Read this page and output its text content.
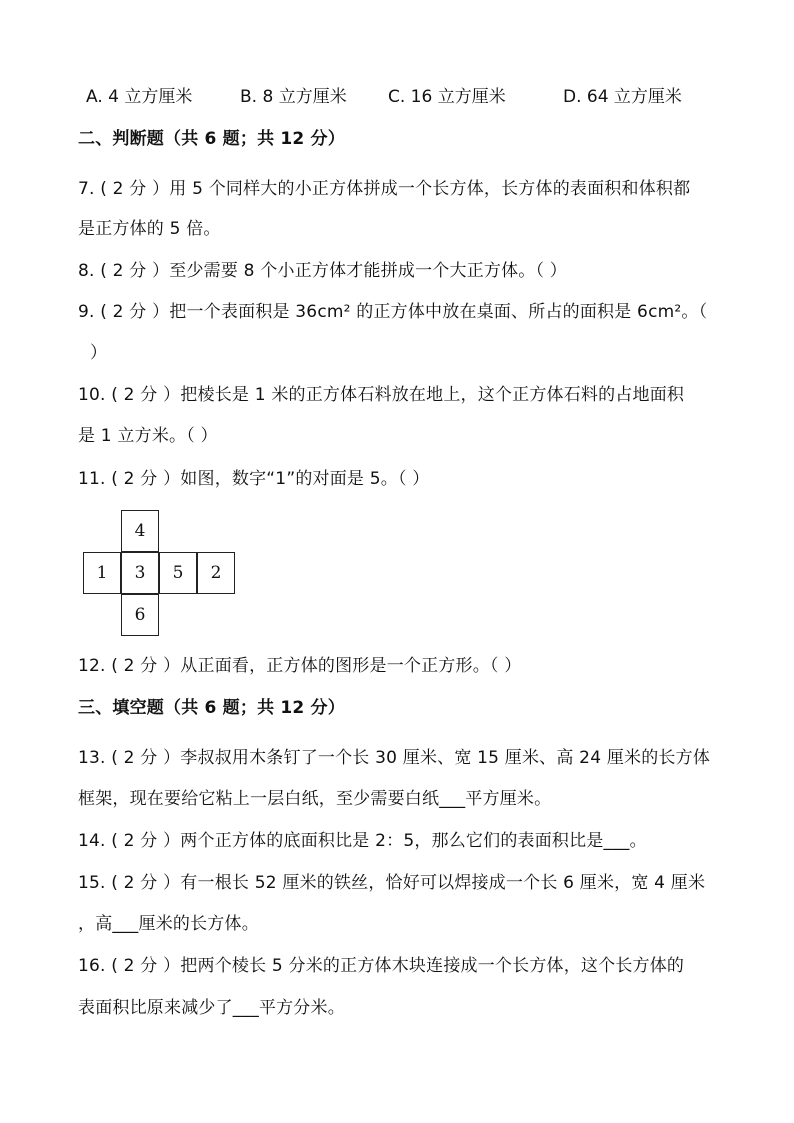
A. 4 立方厘米	B. 8 立方厘米 C. 16 立方厘米	D. 64 立方厘米
二、判断题（共 6 题；共 12 分）
7. ( 2 分 ）用 5 个同样大的小正方体拼成一个长方体，长方体的表面积和体积都
是正方体的 5 倍。
8. ( 2 分 ）至少需要 8 个小正方体才能拼成一个大正方体。（ ）
9. ( 2 分 ）把一个表面积是 36cm² 的正方体中放在桌面、所占的面积是 6cm²。（
）
10. ( 2 分 ）把棱长是 1 米的正方体石料放在地上，这个正方体石料的占地面积
是 1 立方米。（ ）
11. ( 2 分 ）如图，数字“1”的对面是 5。（ ）
4
1	3	5	2
6
12. ( 2 分 ）从正面看，正方体的图形是一个正方形。（ ）
三、填空题（共 6 题；共 12 分）
13. ( 2 分 ）李叔叔用木条钉了一个长 30 厘米、宽 15 厘米、高 24 厘米的长方体
框架，现在要给它粘上一层白纸，至少需要白纸___平方厘米。
14. ( 2 分 ）两个正方体的底面积比是 2：5，那么它们的表面积比是___。
15. ( 2 分 ）有一根长 52 厘米的铁丝，恰好可以焊接成一个长 6 厘米，宽 4 厘米
，高___厘米的长方体。
16. ( 2 分 ）把两个棱长 5 分米的正方体木块连接成一个长方体，这个长方体的
表面积比原来减少了___平方分米。
